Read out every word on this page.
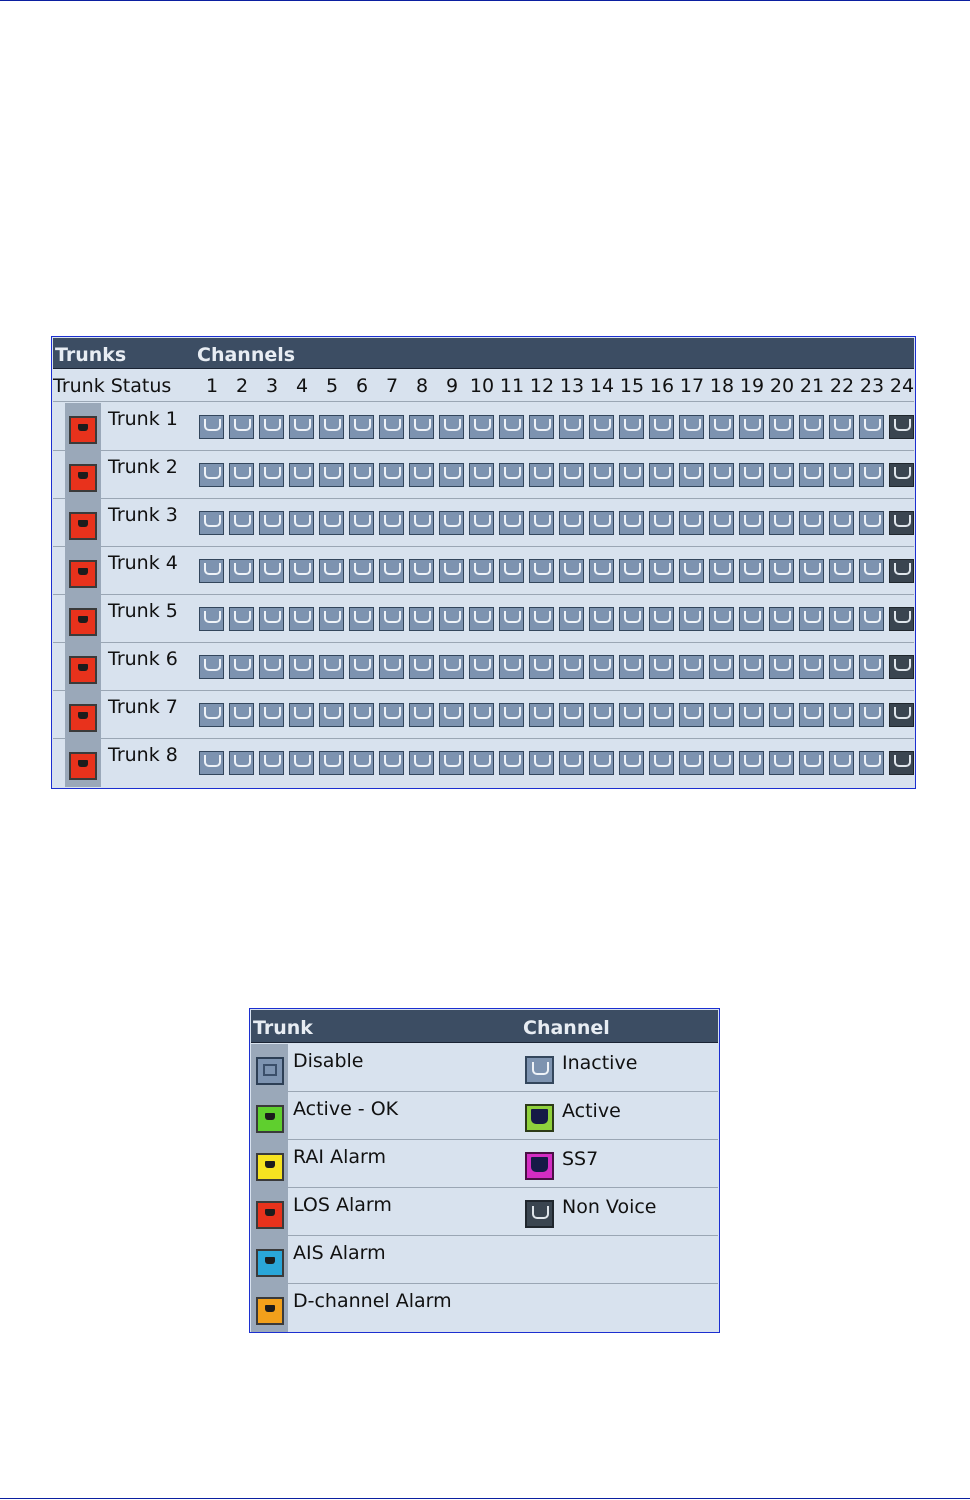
Trunks	Channels
Trunk Status	1 2 3 4 5 6 7 8 9 10 11 12 13 14 15 16 17 18 19 20 21 22 23 24
Trunk 1
Trunk 2
Trunk 3
Trunk 4
Trunk 5
Trunk 6
Trunk 7
Trunk 8
Trunk	Channel
Disable	Inactive
Active - OK	Active
RAI Alarm	SS7
LOS Alarm	Non Voice
AIS Alarm
D-channel Alarm
